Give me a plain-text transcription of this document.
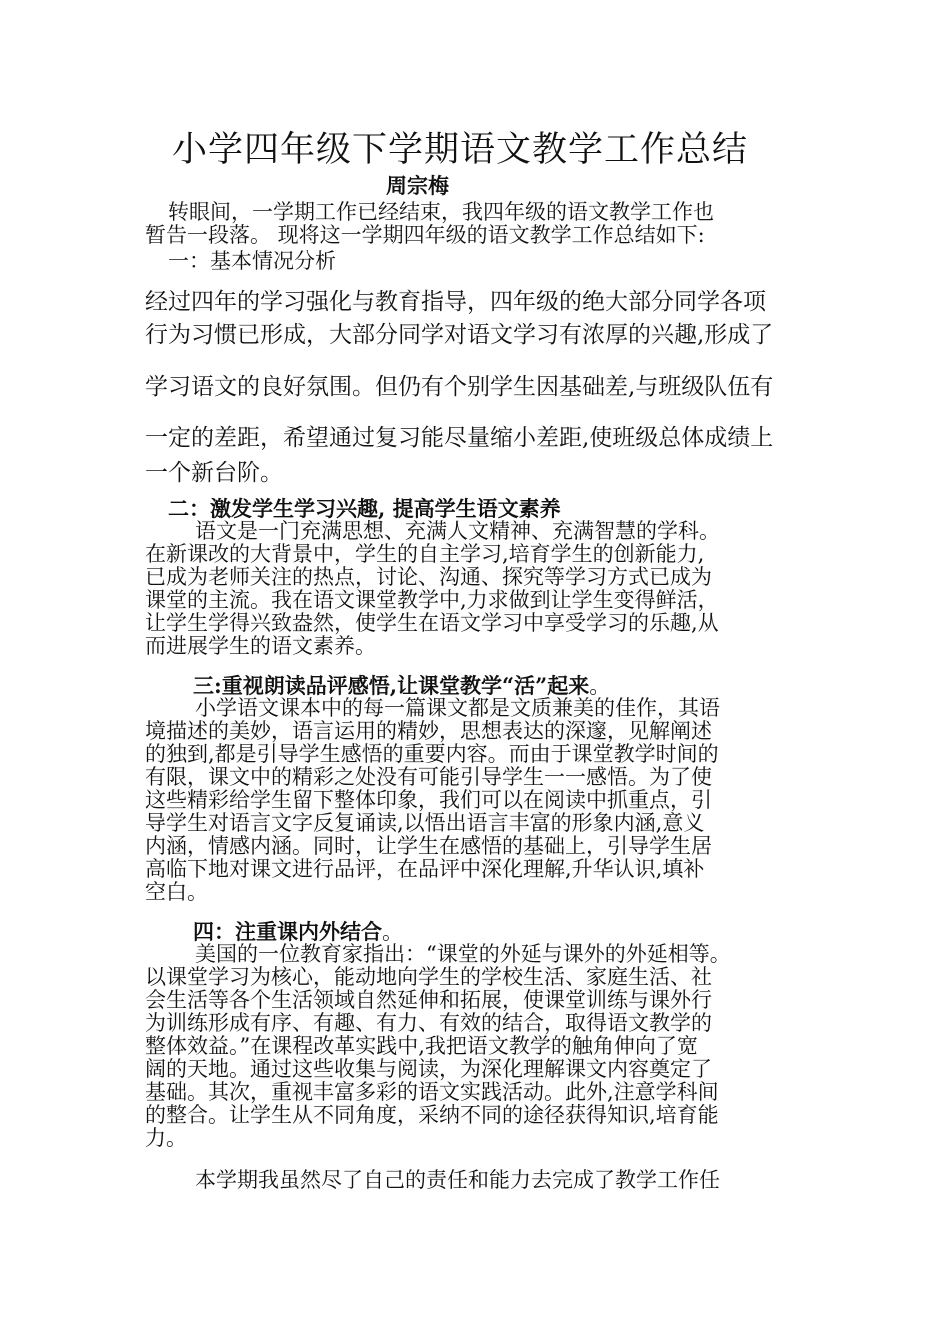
小学四年级下学期语文教学工作总结
周宗梅
转眼间，一学期工作已经结束，我四年级的语文教学工作也
暂告一段落。 现将这一学期四年级的语文教学工作总结如下:
一：基本情况分析
经过四年的学习强化与教育指导，四年级的绝大部分同学各项
行为习惯已形成，大部分同学对语文学习有浓厚的兴趣,形成了
学习语文的良好氛围。但仍有个别学生因基础差,与班级队伍有
一定的差距，希望通过复习能尽量缩小差距,使班级总体成绩上
一个新台阶。
二：激发学生学习兴趣, 提高学生语文素养
语文是一门充满思想、充满人文精神、充满智慧的学科。
在新课改的大背景中，学生的自主学习,培育学生的创新能力,
已成为老师关注的热点，讨论、沟通、探究等学习方式已成为
课堂的主流。我在语文课堂教学中,力求做到让学生变得鲜活，
让学生学得兴致盎然，使学生在语文学习中享受学习的乐趣,从
而进展学生的语文素养。
三:重视朗读品评感悟,让课堂教学“活”起来。
小学语文课本中的每一篇课文都是文质兼美的佳作，其语
境描述的美妙，语言运用的精妙，思想表达的深邃，见解阐述
的独到,都是引导学生感悟的重要内容。而由于课堂教学时间的
有限，课文中的精彩之处没有可能引导学生一一感悟。为了使
这些精彩给学生留下整体印象，我们可以在阅读中抓重点，引
导学生对语言文字反复诵读,以悟出语言丰富的形象内涵,意义
内涵，情感内涵。同时，让学生在感悟的基础上，引导学生居
高临下地对课文进行品评，在品评中深化理解,升华认识,填补
空白。
四：注重课内外结合。
美国的一位教育家指出：“课堂的外延与课外的外延相等。
以课堂学习为核心，能动地向学生的学校生活、家庭生活、社
会生活等各个生活领域自然延伸和拓展，使课堂训练与课外行
为训练形成有序、有趣、有力、有效的结合，取得语文教学的
整体效益。”在课程改革实践中,我把语文教学的触角伸向了宽
阔的天地。通过这些收集与阅读，为深化理解课文内容奠定了
基础。其次，重视丰富多彩的语文实践活动。此外,注意学科间
的整合。让学生从不同角度，采纳不同的途径获得知识,培育能
力。
本学期我虽然尽了自己的责任和能力去完成了教学工作任
